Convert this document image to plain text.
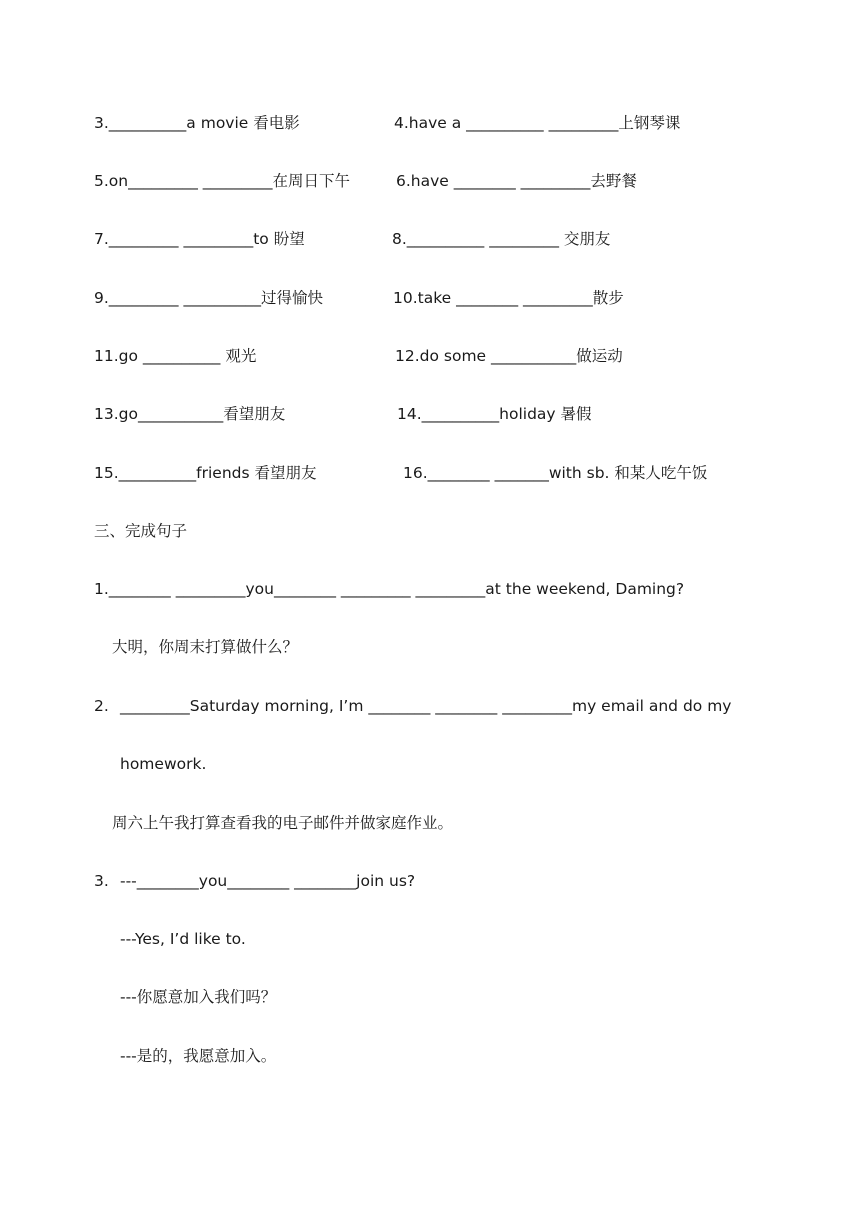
3.__________a movie 看电影	4.have a __________ _________上钢琴课
5.on_________ _________在周日下午	6.have ________ _________去野餐
7._________ _________to 盼望	8.__________ _________ 交朋友
9._________ __________过得愉快	10.take ________ _________散步
11.go __________ 观光	12.do some ___________做运动
13.go___________看望朋友	14.__________holiday 暑假
15.__________friends 看望朋友	16.________ _______with sb. 和某人吃午饭
三、完成句子
1.________ _________you________ _________ _________at the weekend, Daming?
大明，你周末打算做什么？
2. _________Saturday morning, I’m ________ ________ _________my email and do my
homework.
周六上午我打算查看我的电子邮件并做家庭作业。
3. ---________you________ ________join us?
---Yes, I’d like to.
---你愿意加入我们吗？
---是的，我愿意加入。
